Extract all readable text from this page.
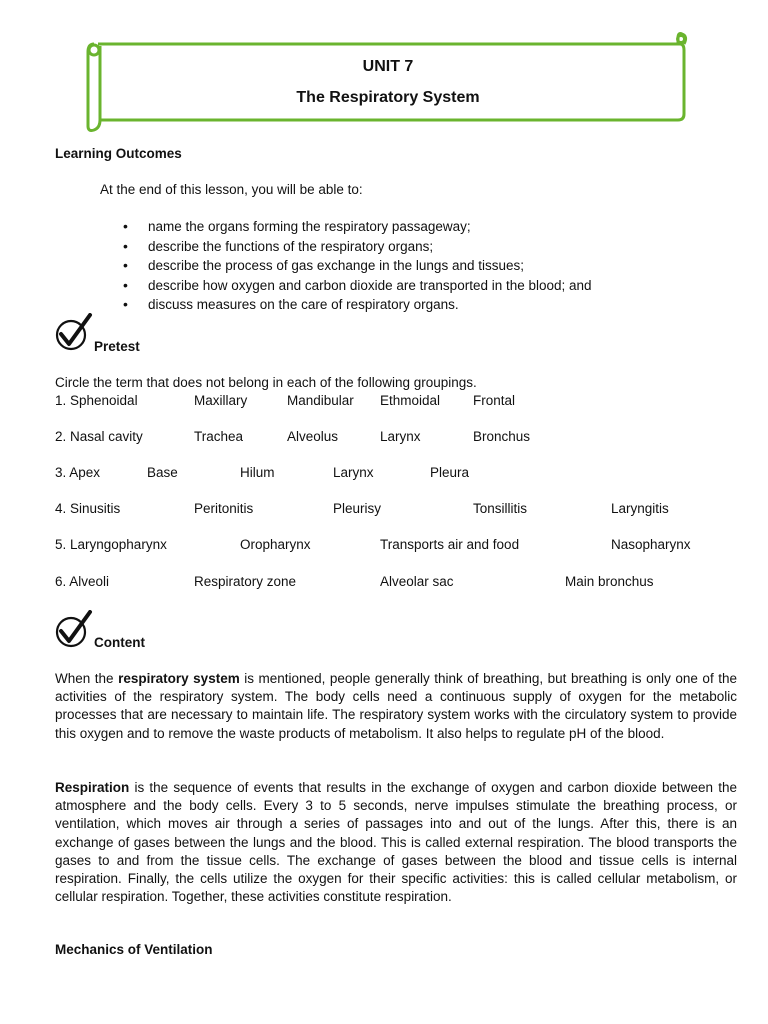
UNIT 7
The Respiratory System
Learning Outcomes
At the end of this lesson, you will be able to:
• name the organs forming the respiratory passageway;
• describe the functions of the respiratory organs;
• describe the process of gas exchange in the lungs and tissues;
• describe how oxygen and carbon dioxide are transported in the blood; and
• discuss measures on the care of respiratory organs.
Pretest
Circle the term that does not belong in each of the following groupings.
1. Sphenoidal	Maxillary	Mandibular Ethmoidal Frontal
2. Nasal cavity	Trachea	Alveolus	Larynx	Bronchus
3. Apex	Base	Hilum	Larynx	Pleura
4. Sinusitis	Peritonitis	Pleurisy	Tonsillitis	Laryngitis
5. Laryngopharynx	Oropharynx	Transports air and food	Nasopharynx
6. Alveoli	Respiratory zone	Alveolar sac	Main bronchus
Content

When the respiratory system is mentioned, people generally think of breathing, but breathing is only one of the activities of the respiratory system. The body cells need a continuous supply of oxygen for the metabolic processes that are necessary to maintain life. The respiratory system works with the circulatory system to provide this oxygen and to remove the waste products of metabolism. It also helps to regulate pH of the blood.

Respiration is the sequence of events that results in the exchange of oxygen and carbon dioxide between the atmosphere and the body cells. Every 3 to 5 seconds, nerve impulses stimulate the breathing process, or ventilation, which moves air through a series of passages into and out of the lungs. After this, there is an exchange of gases between the lungs and the blood. This is called external respiration. The blood transports the gases to and from the tissue cells. The exchange of gases between the blood and tissue cells is internal respiration. Finally, the cells utilize the oxygen for their specific activities: this is called cellular metabolism, or cellular respiration. Together, these activities constitute respiration.

Mechanics of Ventilation
